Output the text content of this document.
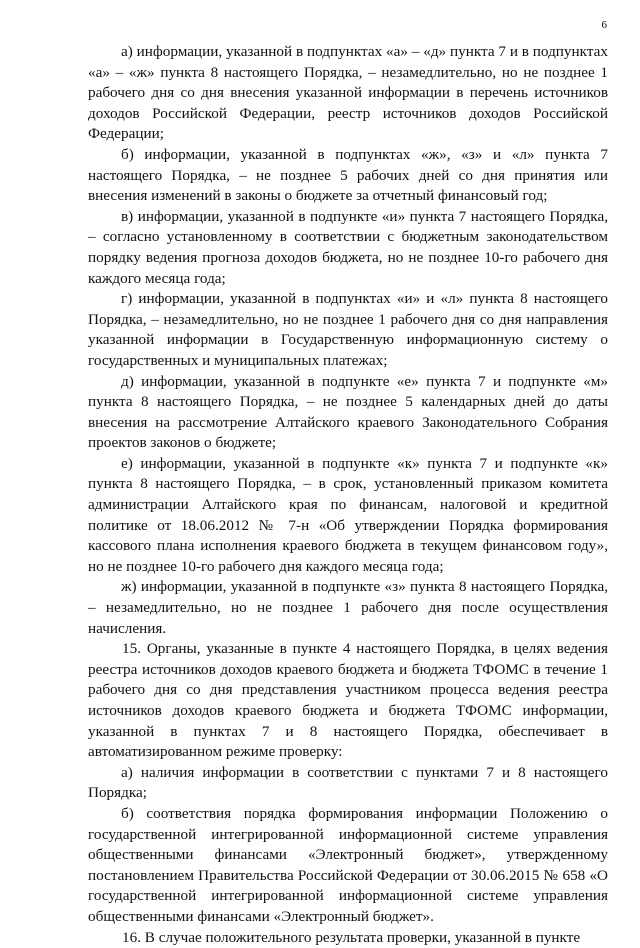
6

а) информации, указанной в подпунктах «а» – «д» пункта 7 и в подпунктах «а» – «ж» пункта 8 настоящего Порядка, – незамедлительно, но не позднее 1 рабочего дня со дня внесения указанной информации в перечень источников доходов Российской Федерации, реестр источников доходов Российской Федерации;

б) информации, указанной в подпунктах «ж», «з» и «л» пункта 7 настоящего Порядка, – не позднее 5 рабочих дней со дня принятия или внесения изменений в законы о бюджете за отчетный финансовый год;

в) информации, указанной в подпункте «и» пункта 7 настоящего Порядка, – согласно установленному в соответствии с бюджетным законодательством порядку ведения прогноза доходов бюджета, но не позднее 10-го рабочего дня каждого месяца года;

г) информации, указанной в подпунктах «и» и «л» пункта 8 настоящего Порядка, – незамедлительно, но не позднее 1 рабочего дня со дня направления указанной информации в Государственную информационную систему о государственных и муниципальных платежах;

д) информации, указанной в подпункте «е» пункта 7 и подпункте «м» пункта 8 настоящего Порядка, – не позднее 5 календарных дней до даты внесения на рассмотрение Алтайского краевого Законодательного Собрания проектов законов о бюджете;

е) информации, указанной в подпункте «к» пункта 7 и подпункте «к» пункта 8 настоящего Порядка, – в срок, установленный приказом комитета администрации Алтайского края по финансам, налоговой и кредитной политике от 18.06.2012 № 7-н «Об утверждении Порядка формирования кассового плана исполнения краевого бюджета в текущем финансовом году», но не позднее 10-го рабочего дня каждого месяца года;

ж) информации, указанной в подпункте «з» пункта 8 настоящего Порядка, – незамедлительно, но не позднее 1 рабочего дня после осуществления начисления.

15. Органы, указанные в пункте 4 настоящего Порядка, в целях ведения реестра источников доходов краевого бюджета и бюджета ТФОМС в течение 1 рабочего дня со дня представления участником процесса ведения реестра источников доходов краевого бюджета и бюджета ТФОМС информации, указанной в пунктах 7 и 8 настоящего Порядка, обеспечивает в автоматизированном режиме проверку:

а) наличия информации в соответствии с пунктами 7 и 8 настоящего Порядка;

б) соответствия порядка формирования информации Положению о государственной интегрированной информационной системе управления общественными финансами «Электронный бюджет», утвержденному постановлением Правительства Российской Федерации от 30.06.2015 № 658 «О государственной интегрированной информационной системе управления общественными финансами «Электронный бюджет».

16. В случае положительного результата проверки, указанной в пункте
